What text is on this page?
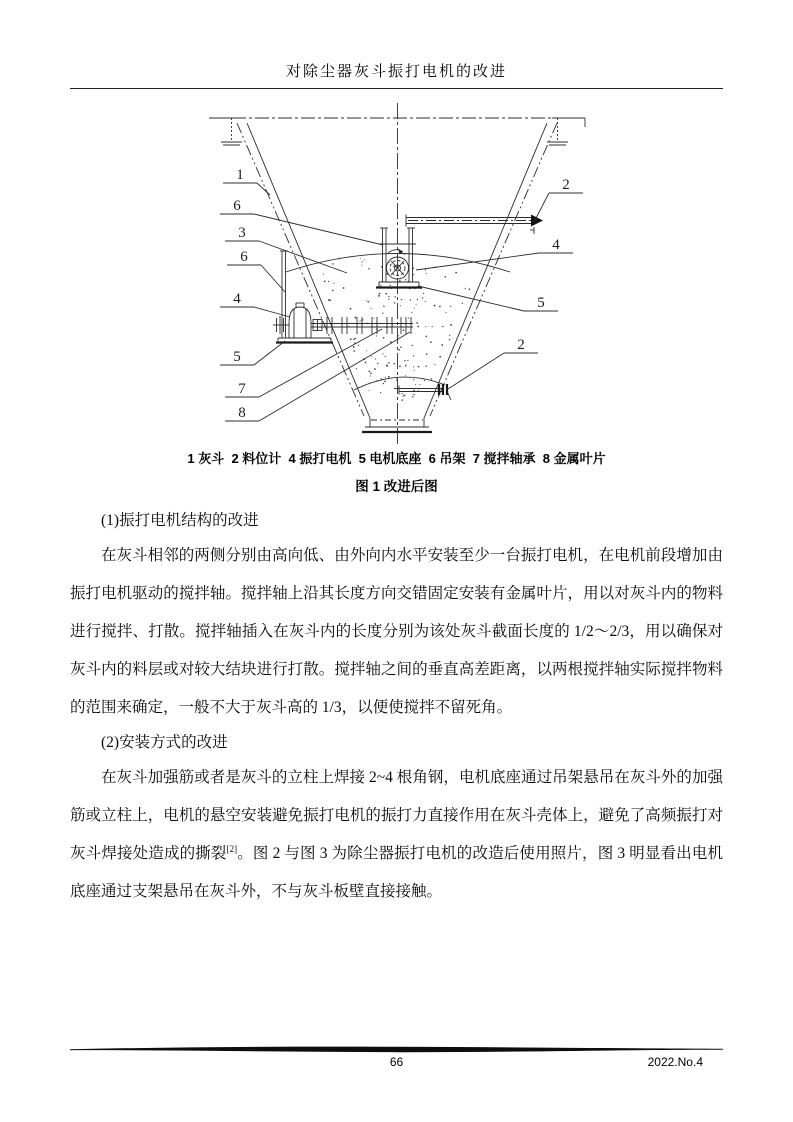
对除尘器灰斗振打电机的改进
1
6
3
6
4
5
7
8
2
4
5
2
1 灰斗  2 料位计  4 振打电机  5 电机底座  6 吊架  7 搅拌轴承  8 金属叶片
图 1 改进后图

(1)振打电机结构的改进

在灰斗相邻的两侧分别由高向低、由外向内水平安装至少一台振打电机，在电机前段增加由振打电机驱动的搅拌轴。搅拌轴上沿其长度方向交错固定安装有金属叶片，用以对灰斗内的物料进行搅拌、打散。搅拌轴插入在灰斗内的长度分别为该处灰斗截面长度的 1/2～2/3，用以确保对灰斗内的料层或对较大结块进行打散。搅拌轴之间的垂直高差距离，以两根搅拌轴实际搅拌物料的范围来确定，一般不大于灰斗高的 1/3，以便使搅拌不留死角。

(2)安装方式的改进

在灰斗加强筋或者是灰斗的立柱上焊接 2~4 根角钢，电机底座通过吊架悬吊在灰斗外的加强筋或立柱上，电机的悬空安装避免振打电机的振打力直接作用在灰斗壳体上，避免了高频振打对灰斗焊接处造成的撕裂[2]。图 2 与图 3 为除尘器振打电机的改造后使用照片，图 3 明显看出电机底座通过支架悬吊在灰斗外，不与灰斗板壁直接接触。

66	2022.No.4
